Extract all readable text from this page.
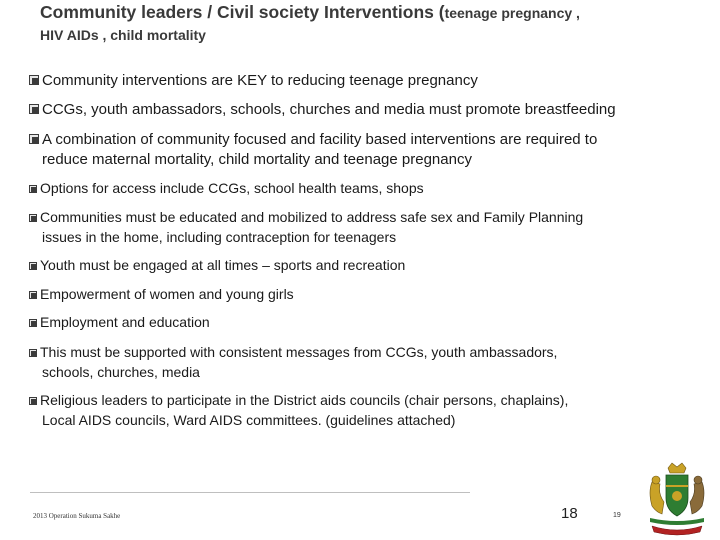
Community leaders / Civil society Interventions (teenage pregnancy ,
HIV AIDs , child mortality
Community interventions are KEY to reducing teenage pregnancy
CCGs, youth ambassadors, schools, churches and media must promote breastfeeding
A combination of community focused and facility based interventions are required to
reduce maternal mortality, child mortality and teenage pregnancy
Options for access include CCGs, school health teams, shops
Communities must be educated and mobilized to address safe sex and Family Planning
issues in the home, including contraception for teenagers
Youth must be engaged at all times – sports and recreation
Empowerment of women and young girls
Employment and education
This must be supported with consistent messages from CCGs, youth ambassadors,
schools, churches, media
Religious leaders to participate in the District aids councils (chair persons, chaplains),
Local AIDS councils, Ward AIDS committees. (guidelines attached)
2013 Operation Sukuma Sakhe	18	19
